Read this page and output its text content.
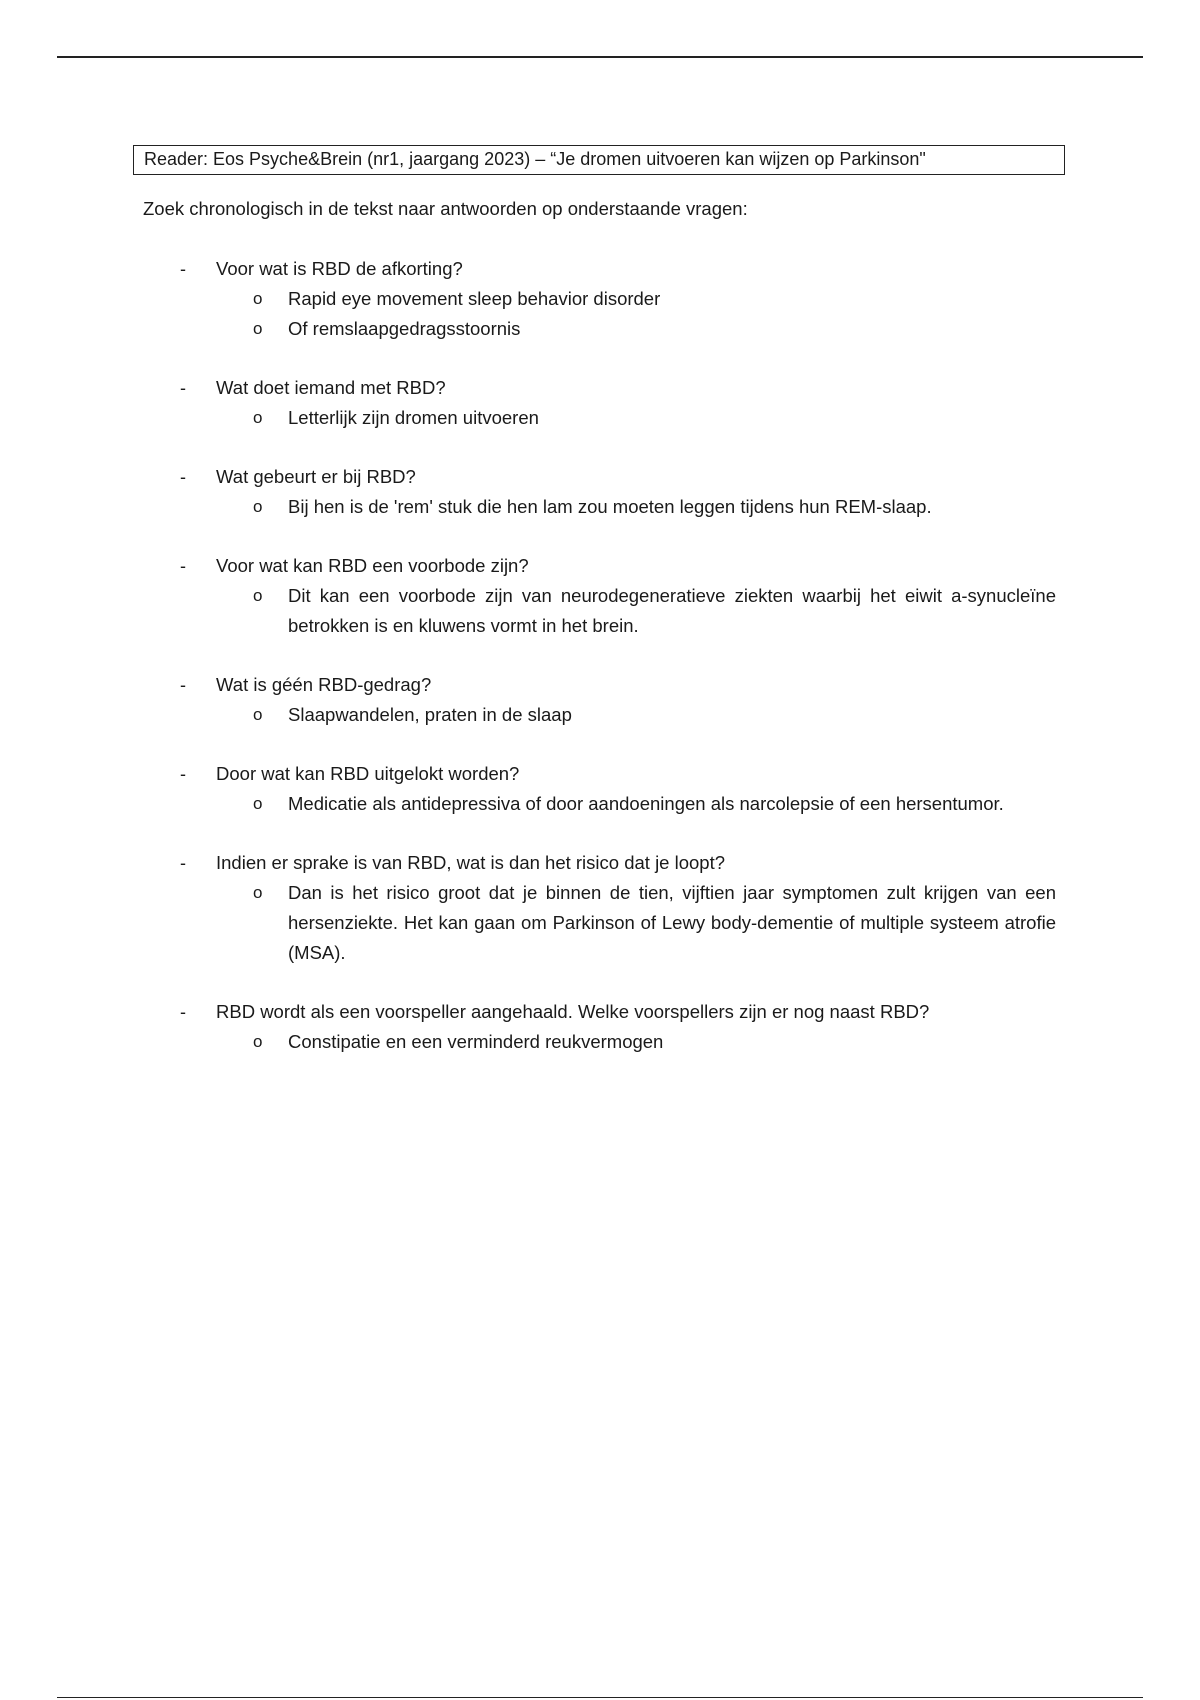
Reader: Eos Psyche&Brein (nr1, jaargang 2023) – “Je dromen uitvoeren kan wijzen op Parkinson"
Zoek chronologisch in de tekst naar antwoorden op onderstaande vragen:
- Voor wat is RBD de afkorting?
o Rapid eye movement sleep behavior disorder
o Of remslaapgedragsstoornis
- Wat doet iemand met RBD?
o Letterlijk zijn dromen uitvoeren
- Wat gebeurt er bij RBD?
o Bij hen is de 'rem' stuk die hen lam zou moeten leggen tijdens hun REM-slaap.
- Voor wat kan RBD een voorbode zijn?
o Dit kan een voorbode zijn van neurodegeneratieve ziekten waarbij het eiwit a-synucleïne betrokken is en kluwens vormt in het brein.
- Wat is géén RBD-gedrag?
o Slaapwandelen, praten in de slaap
- Door wat kan RBD uitgelokt worden?
o Medicatie als antidepressiva of door aandoeningen als narcolepsie of een hersentumor.
- Indien er sprake is van RBD, wat is dan het risico dat je loopt?
o Dan is het risico groot dat je binnen de tien, vijftien jaar symptomen zult krijgen van een hersenziekte. Het kan gaan om Parkinson of Lewy body-dementie of multiple systeem atrofie (MSA).
- RBD wordt als een voorspeller aangehaald. Welke voorspellers zijn er nog naast RBD?
o Constipatie en een verminderd reukvermogen
